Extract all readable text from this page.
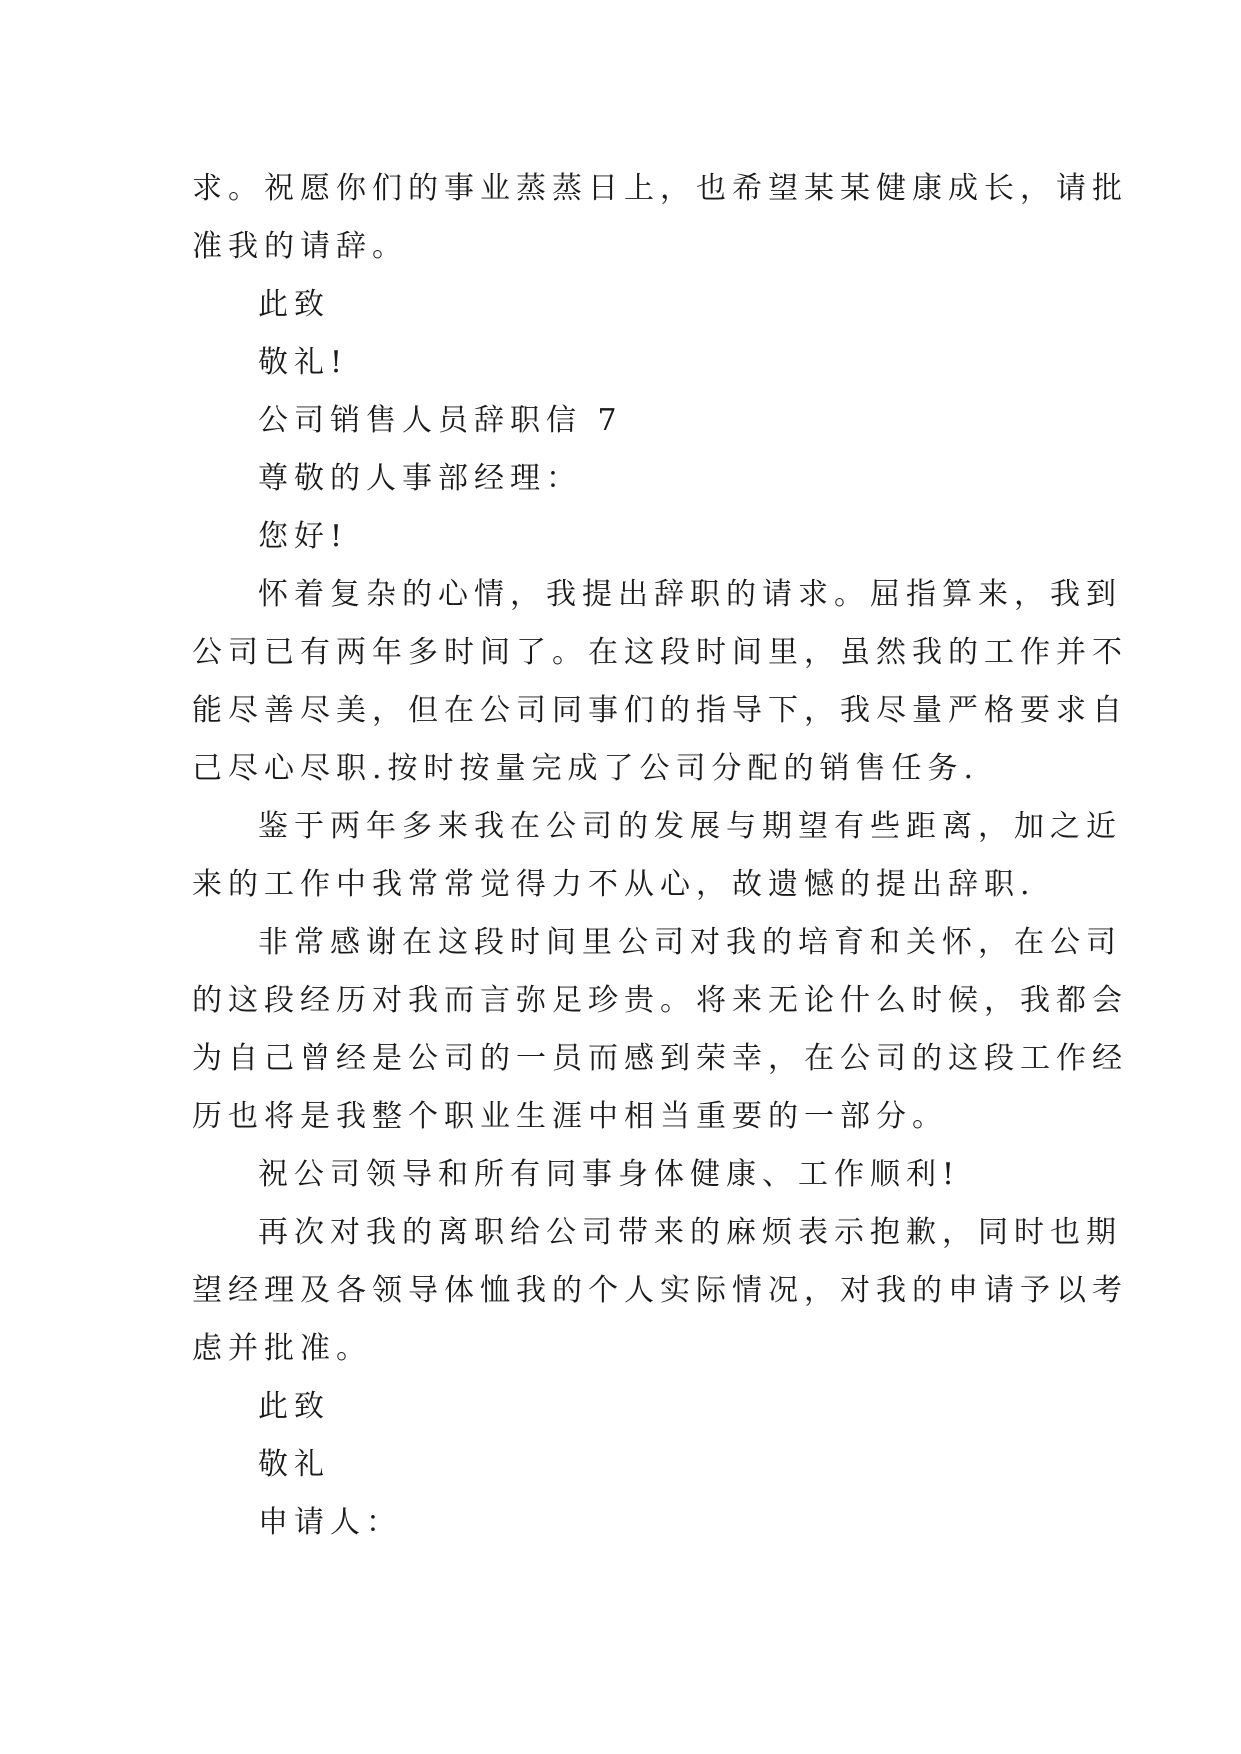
求。祝愿你们的事业蒸蒸日上，也希望某某健康成长，请批
准我的请辞。
此致
敬礼!
公司销售人员辞职信 7
尊敬的人事部经理：
您好!
怀着复杂的心情，我提出辞职的请求。屈指算来，我到
公司已有两年多时间了。在这段时间里，虽然我的工作并不
能尽善尽美，但在公司同事们的指导下，我尽量严格要求自
己尽心尽职.按时按量完成了公司分配的销售任务.
鉴于两年多来我在公司的发展与期望有些距离，加之近
来的工作中我常常觉得力不从心，故遗憾的提出辞职.
非常感谢在这段时间里公司对我的培育和关怀，在公司
的这段经历对我而言弥足珍贵。将来无论什么时候，我都会
为自己曾经是公司的一员而感到荣幸，在公司的这段工作经
历也将是我整个职业生涯中相当重要的一部分。
祝公司领导和所有同事身体健康、工作顺利!
再次对我的离职给公司带来的麻烦表示抱歉，同时也期
望经理及各领导体恤我的个人实际情况，对我的申请予以考
虑并批准。
此致
敬礼
申请人：
